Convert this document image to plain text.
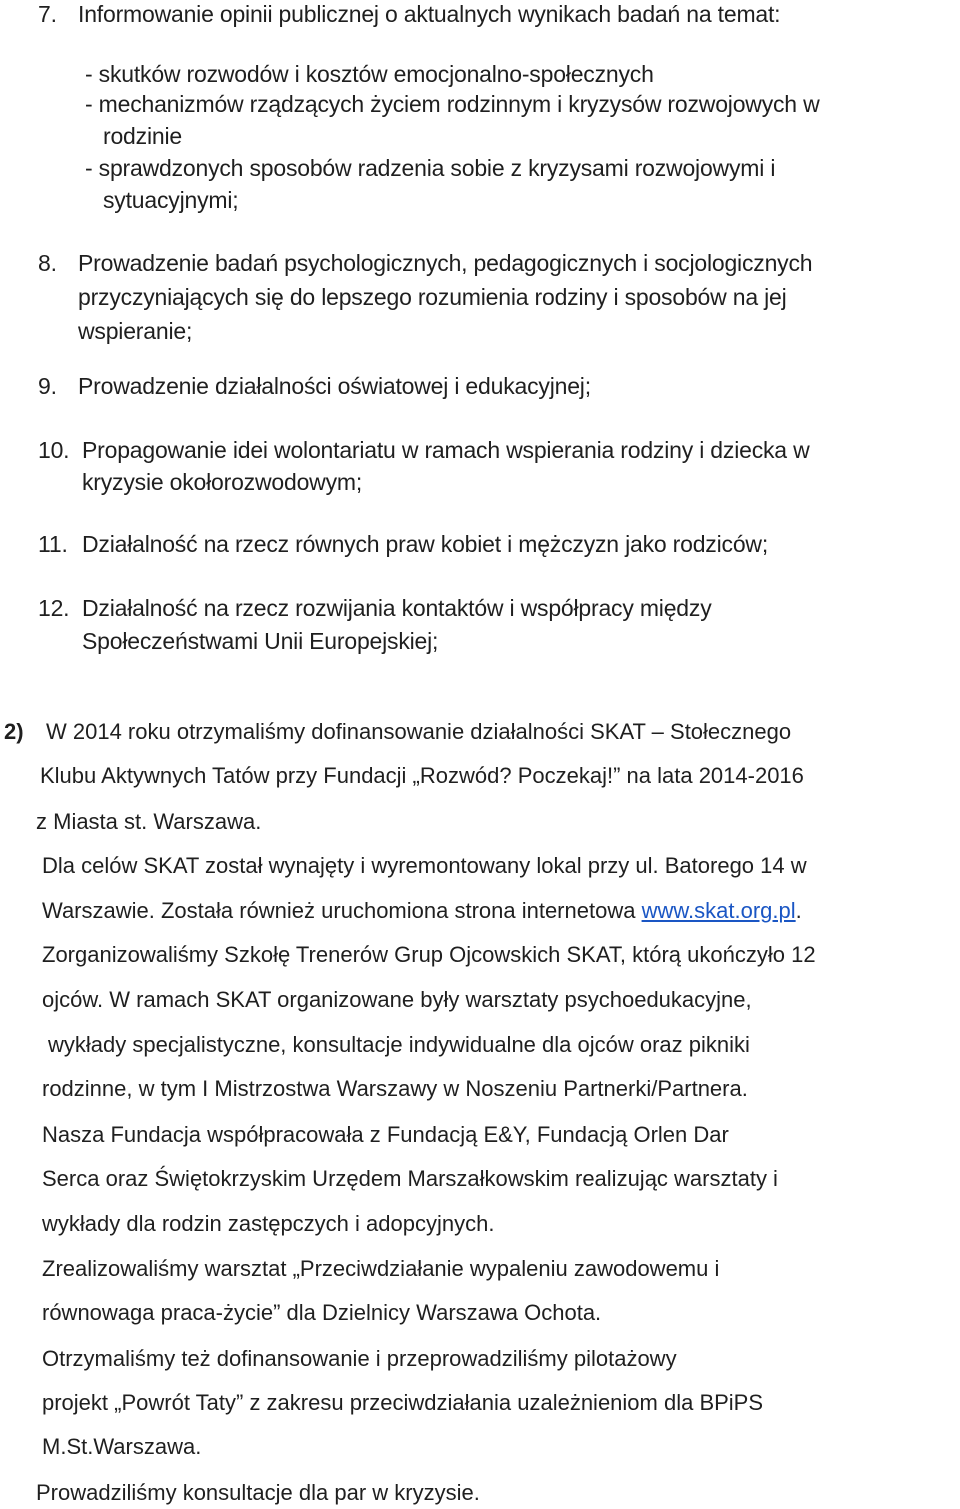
7. Informowanie opinii publicznej o aktualnych wynikach badań na temat:
- skutków rozwodów i kosztów emocjonalno-społecznych
- mechanizmów rządzących życiem rodzinnym i kryzysów rozwojowych w
rodzinie
- sprawdzonych sposobów radzenia sobie z kryzysami rozwojowymi i
sytuacyjnymi;
8. Prowadzenie badań psychologicznych, pedagogicznych i socjologicznych
przyczyniających się do lepszego rozumienia rodziny i sposobów na jej
wspieranie;
9. Prowadzenie działalności oświatowej i edukacyjnej;
10. Propagowanie idei wolontariatu w ramach wspierania rodziny i dziecka w
kryzysie okołorozwodowym;
11. Działalność na rzecz równych praw kobiet i mężczyzn jako rodziców;
12. Działalność na rzecz rozwijania kontaktów i współpracy między
Społeczeństwami Unii Europejskiej;
2) W 2014 roku otrzymaliśmy dofinansowanie działalności SKAT – Stołecznego
Klubu Aktywnych Tatów przy Fundacji „Rozwód? Poczekaj!” na lata 2014-2016
z Miasta st. Warszawa.
Dla celów SKAT został wynajęty i wyremontowany lokal przy ul. Batorego 14 w
Warszawie. Została również uruchomiona strona internetowa www.skat.org.pl.
Zorganizowaliśmy Szkołę Trenerów Grup Ojcowskich SKAT, którą ukończyło 12
ojców. W ramach SKAT organizowane były warsztaty psychoedukacyjne,
wykłady specjalistyczne, konsultacje indywidualne dla ojców oraz pikniki
rodzinne, w tym I Mistrzostwa Warszawy w Noszeniu Partnerki/Partnera.
Nasza Fundacja współpracowała z Fundacją E&Y, Fundacją Orlen Dar
Serca oraz Świętokrzyskim Urzędem Marszałkowskim realizując warsztaty i
wykłady dla rodzin zastępczych i adopcyjnych.
Zrealizowaliśmy warsztat „Przeciwdziałanie wypaleniu zawodowemu i
równowaga praca-życie” dla Dzielnicy Warszawa Ochota.
Otrzymaliśmy też dofinansowanie i przeprowadziliśmy pilotażowy
projekt „Powrót Taty” z zakresu przeciwdziałania uzależnieniom dla BPiPS
M.St.Warszawa.
Prowadziliśmy konsultacje dla par w kryzysie.
